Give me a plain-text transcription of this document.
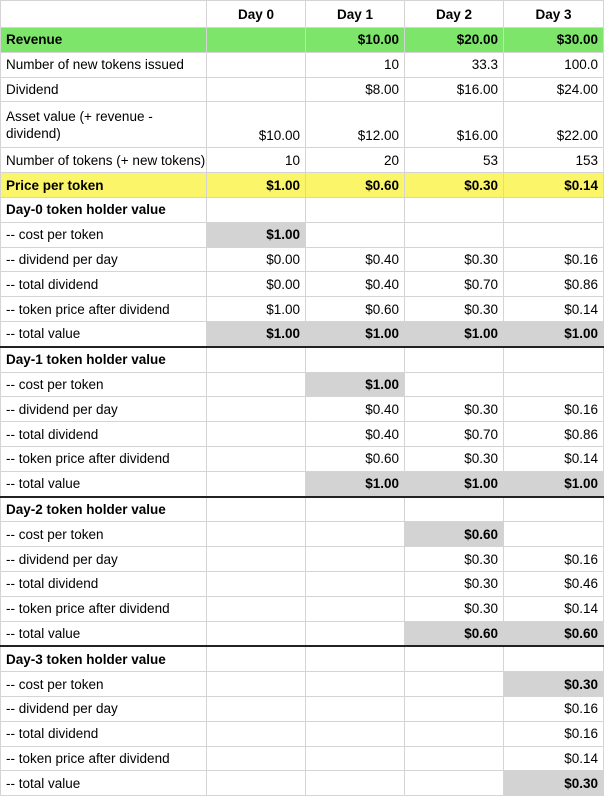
	Day 0	Day 1	Day 2	Day 3
Revenue		$10.00	$20.00	$30.00
Number of new tokens issued		10	33.3	100.0
Dividend		$8.00	$16.00	$24.00
Asset value (+ revenue - dividend)	$10.00	$12.00	$16.00	$22.00
Number of tokens (+ new tokens)	10	20	53	153
Price per token	$1.00	$0.60	$0.30	$0.14
Day-0 token holder value				
-- cost per token	$1.00			
-- dividend per day	$0.00	$0.40	$0.30	$0.16
-- total dividend	$0.00	$0.40	$0.70	$0.86
-- token price after dividend	$1.00	$0.60	$0.30	$0.14
-- total value	$1.00	$1.00	$1.00	$1.00
Day-1 token holder value				
-- cost per token		$1.00		
-- dividend per day		$0.40	$0.30	$0.16
-- total dividend		$0.40	$0.70	$0.86
-- token price after dividend		$0.60	$0.30	$0.14
-- total value		$1.00	$1.00	$1.00
Day-2 token holder value				
-- cost per token			$0.60	
-- dividend per day			$0.30	$0.16
-- total dividend			$0.30	$0.46
-- token price after dividend			$0.30	$0.14
-- total value			$0.60	$0.60
Day-3 token holder value				
-- cost per token				$0.30
-- dividend per day				$0.16
-- total dividend				$0.16
-- token price after dividend				$0.14
-- total value				$0.30
